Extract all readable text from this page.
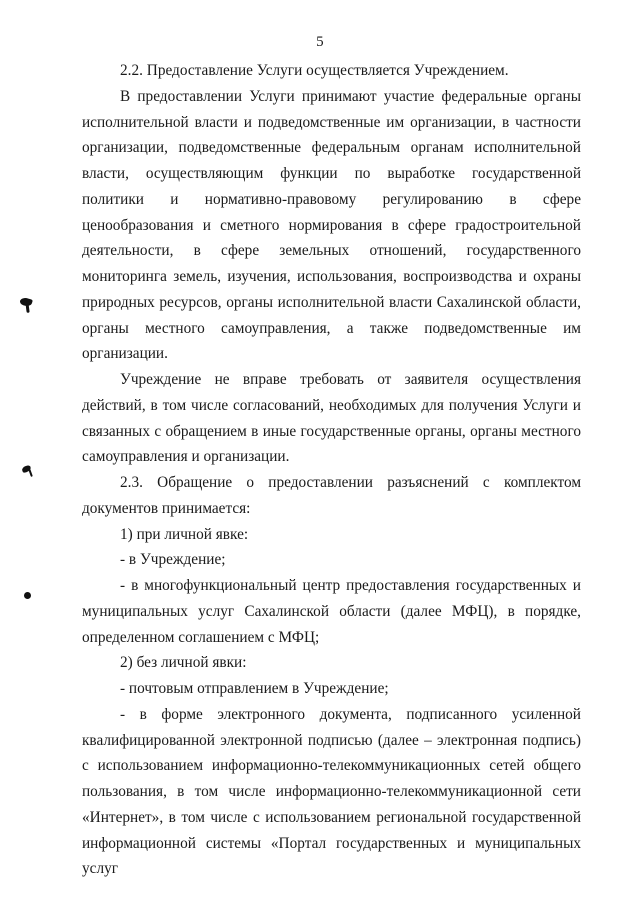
5

2.2. Предоставление Услуги осуществляется Учреждением.

В предоставлении Услуги принимают участие федеральные органы исполнительной власти и подведомственные им организации, в частности организации, подведомственные федеральным органам исполнительной власти, осуществляющим функции по выработке государственной политики и нормативно-правовому регулированию в сфере ценообразования и сметного нормирования в сфере градостроительной деятельности, в сфере земельных отношений, государственного мониторинга земель, изучения, использования, воспроизводства и охраны природных ресурсов, органы исполнительной власти Сахалинской области, органы местного самоуправления, а также подведомственные им организации.

Учреждение не вправе требовать от заявителя осуществления действий, в том числе согласований, необходимых для получения Услуги и связанных с обращением в иные государственные органы, органы местного самоуправления и организации.

2.3. Обращение о предоставлении разъяснений с комплектом документов принимается:

1) при личной явке:

- в Учреждение;

- в многофункциональный центр предоставления государственных и муниципальных услуг Сахалинской области (далее МФЦ), в порядке, определенном соглашением с МФЦ;

2) без личной явки:

- почтовым отправлением в Учреждение;

- в форме электронного документа, подписанного усиленной квалифицированной электронной подписью (далее – электронная подпись) с использованием информационно-телекоммуникационных сетей общего пользования, в том числе информационно-телекоммуникационной сети «Интернет», в том числе с использованием региональной государственной информационной системы «Портал государственных и муниципальных услуг
